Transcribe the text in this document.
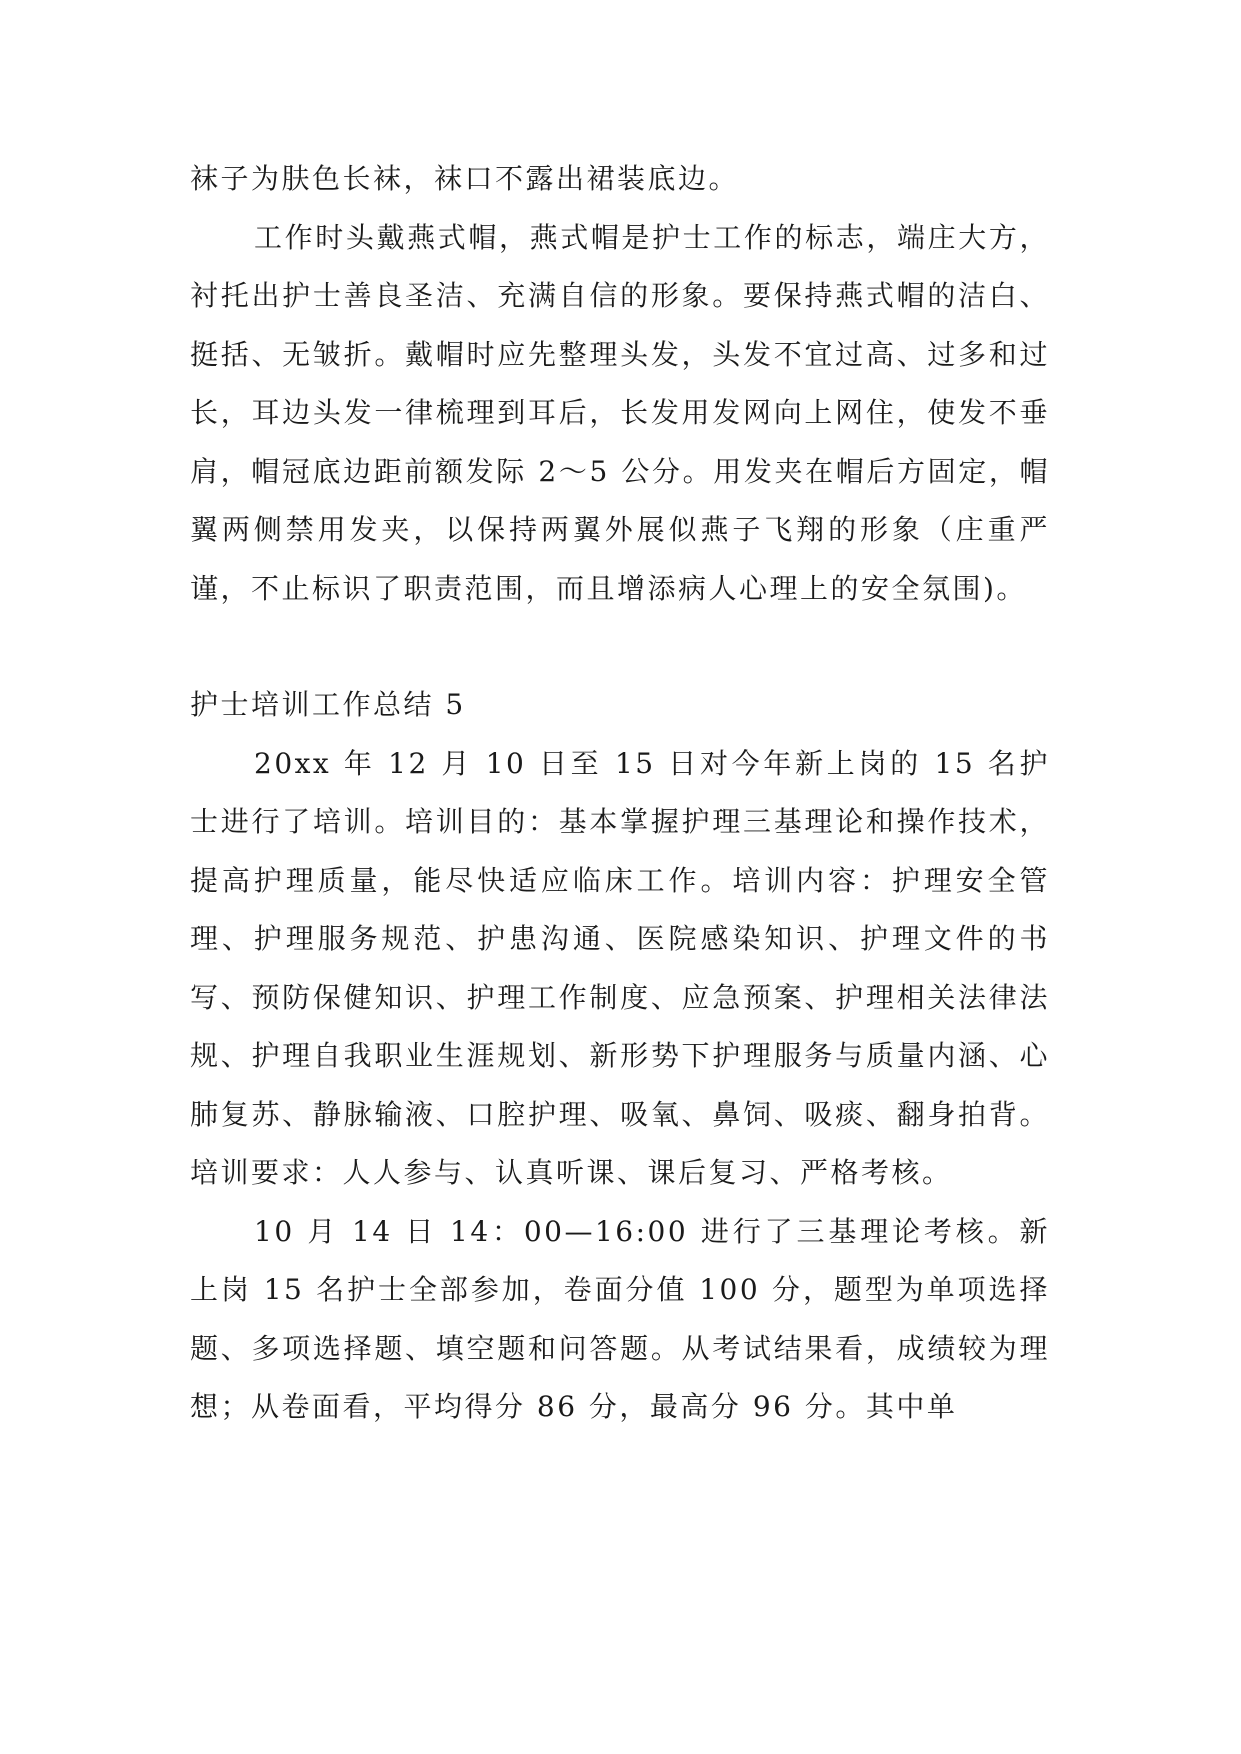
袜子为肤色长袜，袜口不露出裙装底边。

工作时头戴燕式帽，燕式帽是护士工作的标志，端庄大方，衬托出护士善良圣洁、充满自信的形象。要保持燕式帽的洁白、挺括、无皱折。戴帽时应先整理头发，头发不宜过高、过多和过长，耳边头发一律梳理到耳后，长发用发网向上网住，使发不垂肩，帽冠底边距前额发际 2～5 公分。用发夹在帽后方固定，帽翼两侧禁用发夹，以保持两翼外展似燕子飞翔的形象（庄重严谨，不止标识了职责范围，而且增添病人心理上的安全氛围)。

护士培训工作总结 5

20xx 年 12 月 10 日至 15 日对今年新上岗的 15 名护士进行了培训。培训目的：基本掌握护理三基理论和操作技术，提高护理质量，能尽快适应临床工作。培训内容：护理安全管理、护理服务规范、护患沟通、医院感染知识、护理文件的书写、预防保健知识、护理工作制度、应急预案、护理相关法律法规、护理自我职业生涯规划、新形势下护理服务与质量内涵、心肺复苏、静脉输液、口腔护理、吸氧、鼻饲、吸痰、翻身拍背。培训要求：人人参与、认真听课、课后复习、严格考核。

10 月 14 日 14：00—16:00 进行了三基理论考核。新上岗 15 名护士全部参加，卷面分值 100 分，题型为单项选择题、多项选择题、填空题和问答题。从考试结果看，成绩较为理想；从卷面看，平均得分 86 分，最高分 96 分。其中单
